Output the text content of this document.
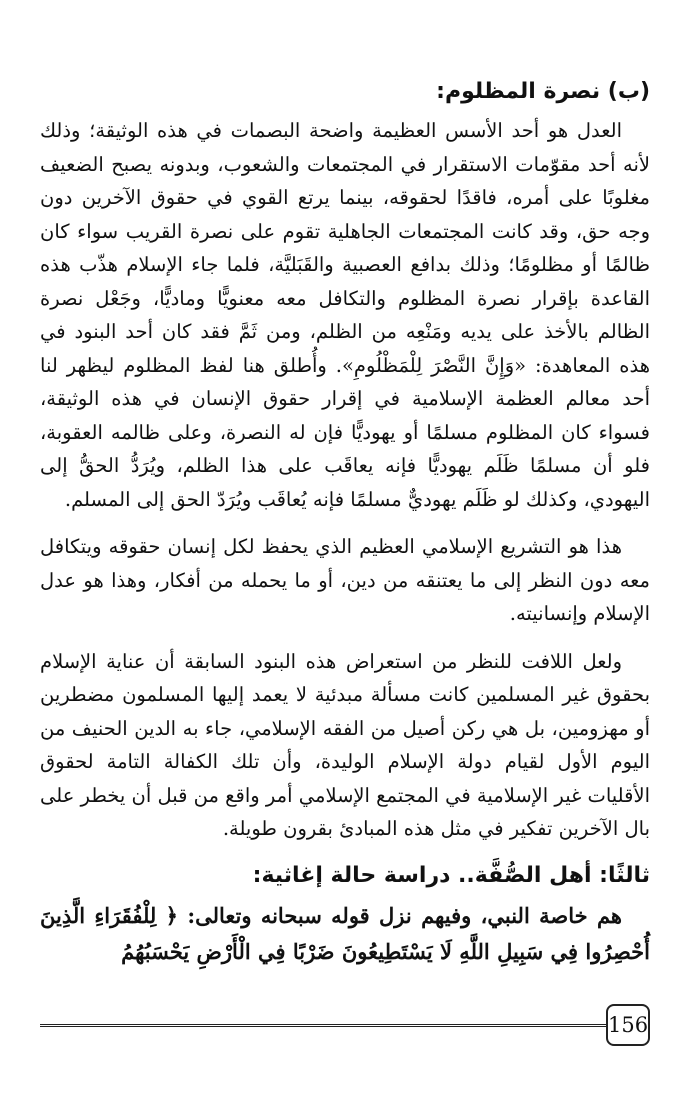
(ب) نصرة المظلوم:

العدل هو أحد الأسس العظيمة واضحة البصمات في هذه الوثيقة؛ وذلك لأنه أحد مقوّمات الاستقرار في المجتمعات والشعوب، وبدونه يصبح الضعيف مغلوبًا على أمره، فاقدًا لحقوقه، بينما يرتع القوي في حقوق الآخرين دون وجه حق، وقد كانت المجتمعات الجاهلية تقوم على نصرة القريب سواء كان ظالمًا أو مظلومًا؛ وذلك بدافع العصبية والقَبَليَّة، فلما جاء الإسلام هذّب هذه القاعدة بإقرار نصرة المظلوم والتكافل معه معنويًّا وماديًّا، وجَعْل نصرة الظالم بالأخذ على يديه ومَنْعِه من الظلم، ومن ثَمَّ فقد كان أحد البنود في هذه المعاهدة: «وَإِنَّ النَّصْرَ لِلْمَظْلُومِ». وأُطلق هنا لفظ المظلوم ليظهر لنا أحد معالم العظمة الإسلامية في إقرار حقوق الإنسان في هذه الوثيقة، فسواء كان المظلوم مسلمًا أو يهوديًّا فإن له النصرة، وعلى ظالمه العقوبة، فلو أن مسلمًا ظَلَم يهوديًّا فإنه يعاقَب على هذا الظلم، ويُرَدُّ الحقُّ إلى اليهودي، وكذلك لو ظَلَم يهوديٌّ مسلمًا فإنه يُعاقَب ويُرَدّ الحق إلى المسلم.

هذا هو التشريع الإسلامي العظيم الذي يحفظ لكل إنسان حقوقه ويتكافل معه دون النظر إلى ما يعتنقه من دين، أو ما يحمله من أفكار، وهذا هو عدل الإسلام وإنسانيته.

ولعل اللافت للنظر من استعراض هذه البنود السابقة أن عناية الإسلام بحقوق غير المسلمين كانت مسألة مبدئية لا يعمد إليها المسلمون مضطرين أو مهزومين، بل هي ركن أصيل من الفقه الإسلامي، جاء به الدين الحنيف من اليوم الأول لقيام دولة الإسلام الوليدة، وأن تلك الكفالة التامة لحقوق الأقليات غير الإسلامية في المجتمع الإسلامي أمر واقع من قبل أن يخطر على بال الآخرين تفكير في مثل هذه المبادئ بقرون طويلة.

ثالثًا: أهل الصُّفَّة.. دراسة حالة إغاثية:

هم خاصة النبي، وفيهم نزل قوله سبحانه وتعالى: ﴿ لِلْفُقَرَاءِ الَّذِينَ أُحْصِرُوا فِي سَبِيلِ اللَّهِ لَا يَسْتَطِيعُونَ ضَرْبًا فِي الْأَرْضِ يَحْسَبُهُمُ

156
